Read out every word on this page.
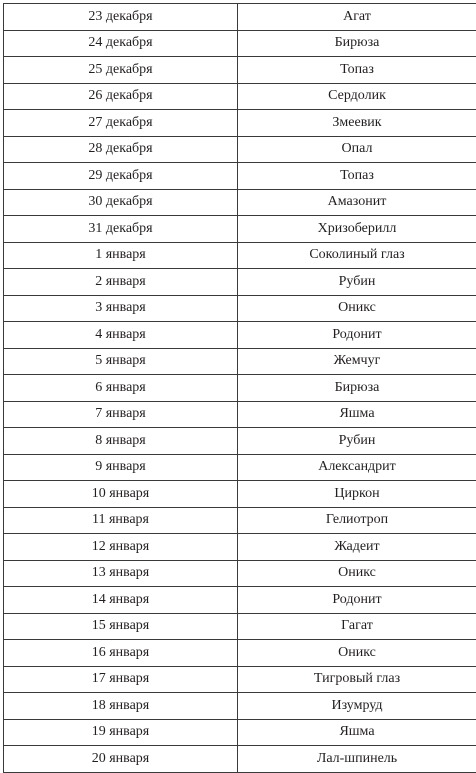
23 декабря	Агат
24 декабря	Бирюза
25 декабря	Топаз
26 декабря	Сердолик
27 декабря	Змеевик
28 декабря	Опал
29 декабря	Топаз
30 декабря	Амазонит
31 декабря	Хризоберилл
1 января	Соколиный глаз
2 января	Рубин
3 января	Оникс
4 января	Родонит
5 января	Жемчуг
6 января	Бирюза
7 января	Яшма
8 января	Рубин
9 января	Александрит
10 января	Циркон
11 января	Гелиотроп
12 января	Жадеит
13 января	Оникс
14 января	Родонит
15 января	Гагат
16 января	Оникс
17 января	Тигровый глаз
18 января	Изумруд
19 января	Яшма
20 января	Лал-шпинель
